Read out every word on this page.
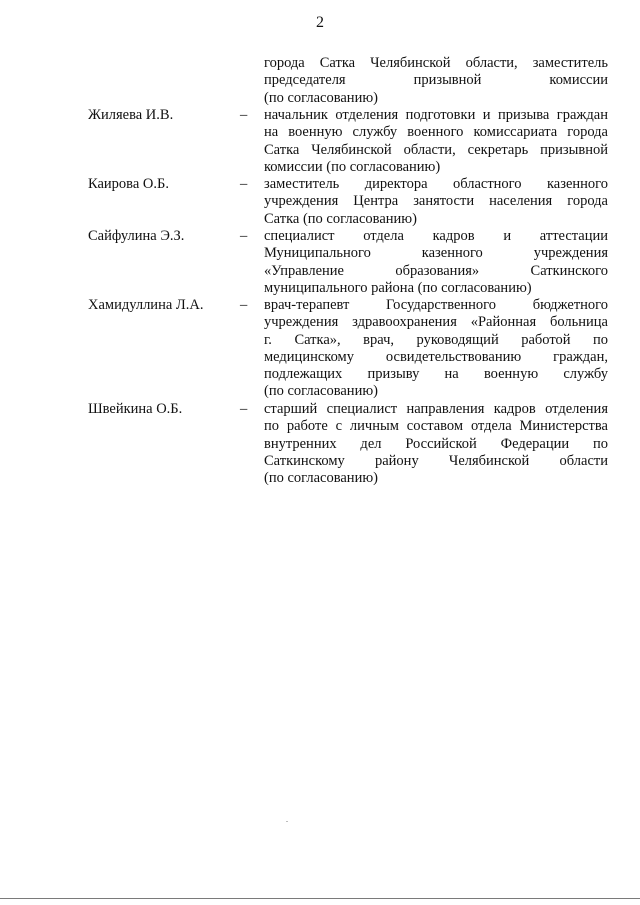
2
города Сатка Челябинской области, заместитель
председателя призывной комиссии
(по согласованию)
Жиляева И.В.	– начальник отделения подготовки и призыва граждан
на военную службу военного комиссариата города
Сатка Челябинской области, секретарь призывной
комиссии (по согласованию)
Каирова О.Б.	– заместитель директора областного казенного
учреждения Центра занятости населения города
Сатка (по согласованию)
Сайфулина Э.З.	– специалист отдела кадров и аттестации
Муниципального казенного учреждения
«Управление образования» Саткинского
муниципального района (по согласованию)
Хамидуллина Л.А.	– врач-терапевт Государственного бюджетного
учреждения здравоохранения «Районная больница
г. Сатка», врач, руководящий работой по
медицинскому освидетельствованию граждан,
подлежащих призыву на военную службу
(по согласованию)
Швейкина О.Б.	– старший специалист направления кадров отделения
по работе с личным составом отдела Министерства
внутренних дел Российской Федерации по
Саткинскому району Челябинской области
(по согласованию)
